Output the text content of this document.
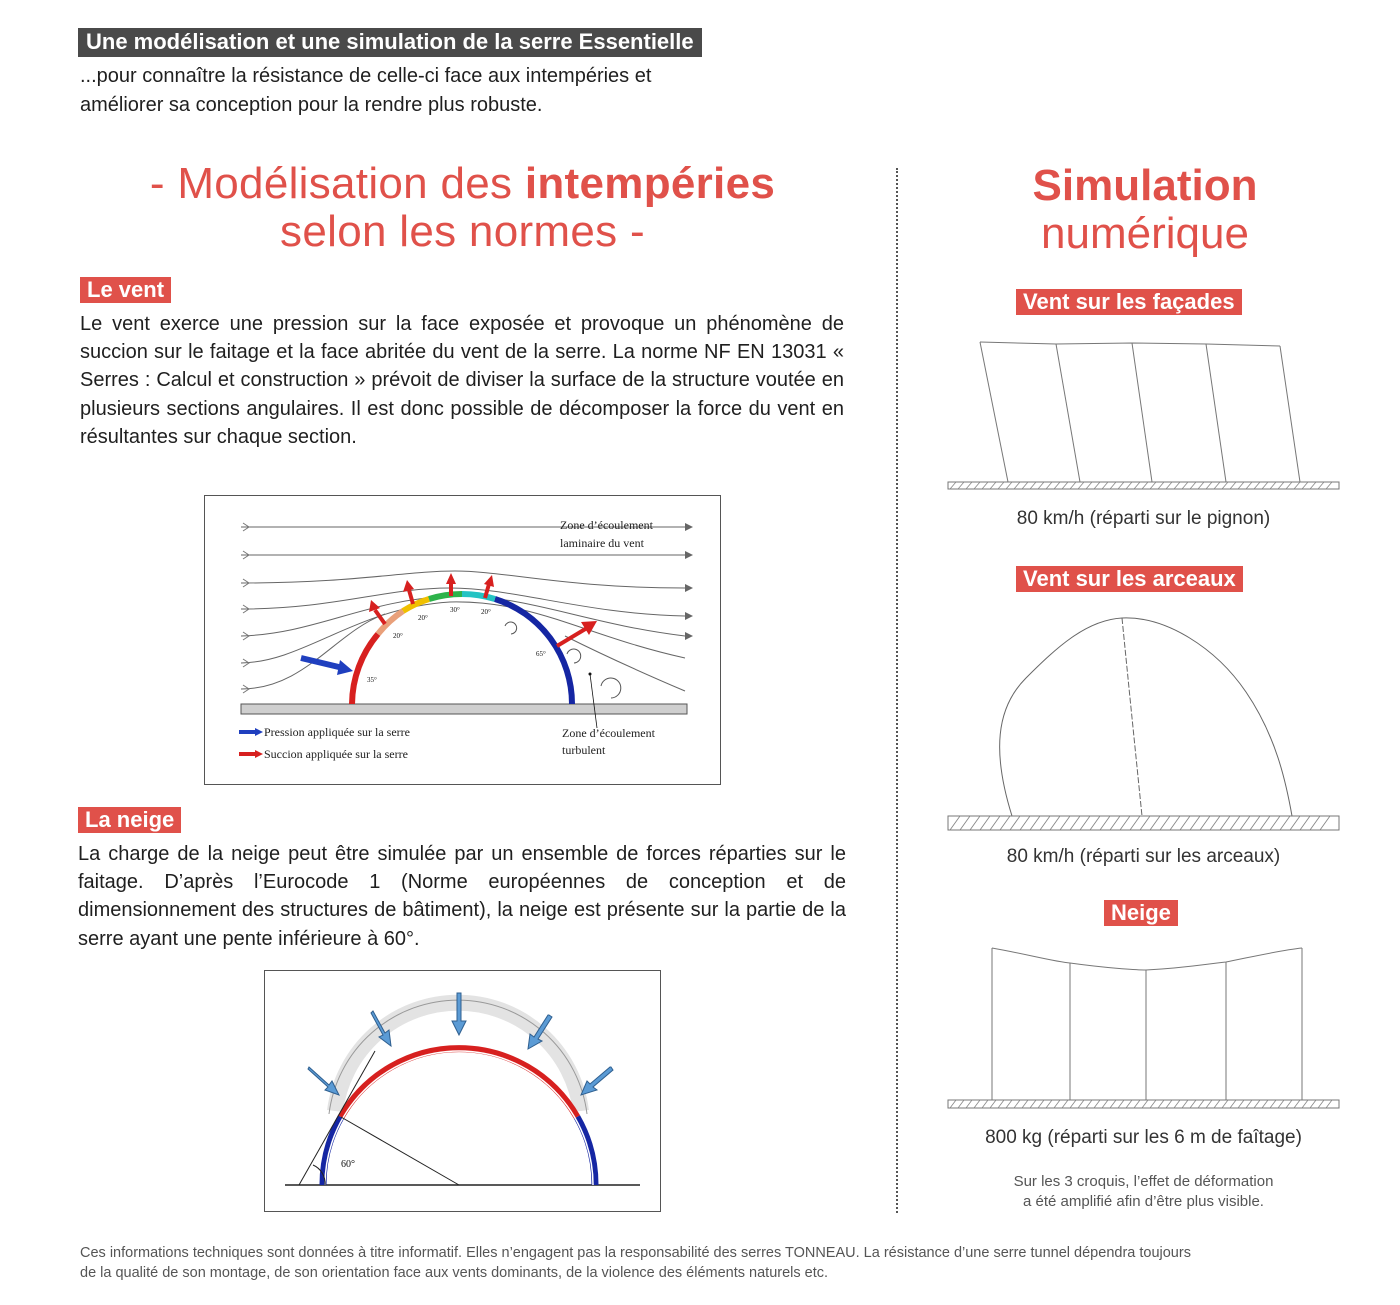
Une modélisation et une simulation de la serre Essentielle
...pour connaître la résistance de celle-ci face aux intempéries et
améliorer sa conception pour la rendre plus robuste.
- Modélisation des intempéries
selon les normes -
Le vent
Le vent exerce une pression sur la face exposée et provoque un phénomène de succion sur le faitage et la face abritée du vent de la serre. La norme NF EN 13031 « Serres : Calcul et construction » prévoit de diviser la surface de la structure voutée en plusieurs sections angulaires. Il est donc possible de décomposer la force du vent en résultantes sur chaque section.
35°
20°
20°
30°	20°
65°
Zone d’écoulement
laminaire du vent
Zone d’écoulement
turbulent
Pression appliquée sur la serre
Succion appliquée sur la serre
La neige
La charge de la neige peut être simulée par un ensemble de forces réparties sur le faitage. D’après l’Eurocode 1 (Norme européennes de conception et de dimensionnement des structures de bâtiment), la neige est présente sur la partie de la serre ayant une pente inférieure à 60°.
60°
Simulation
numérique
Vent sur les façades
80 km/h (réparti sur le pignon)
Vent sur les arceaux
80 km/h (réparti sur les arceaux)
Neige
800 kg (réparti sur les 6 m de faîtage)
Sur les 3 croquis, l’effet de déformation
a été amplifié afin d’être plus visible.
Ces informations techniques sont données à titre informatif. Elles n’engagent pas la responsabilité des serres TONNEAU. La résistance d’une serre tunnel dépendra toujours
de la qualité de son montage, de son orientation face aux vents dominants, de la violence des éléments naturels etc.
